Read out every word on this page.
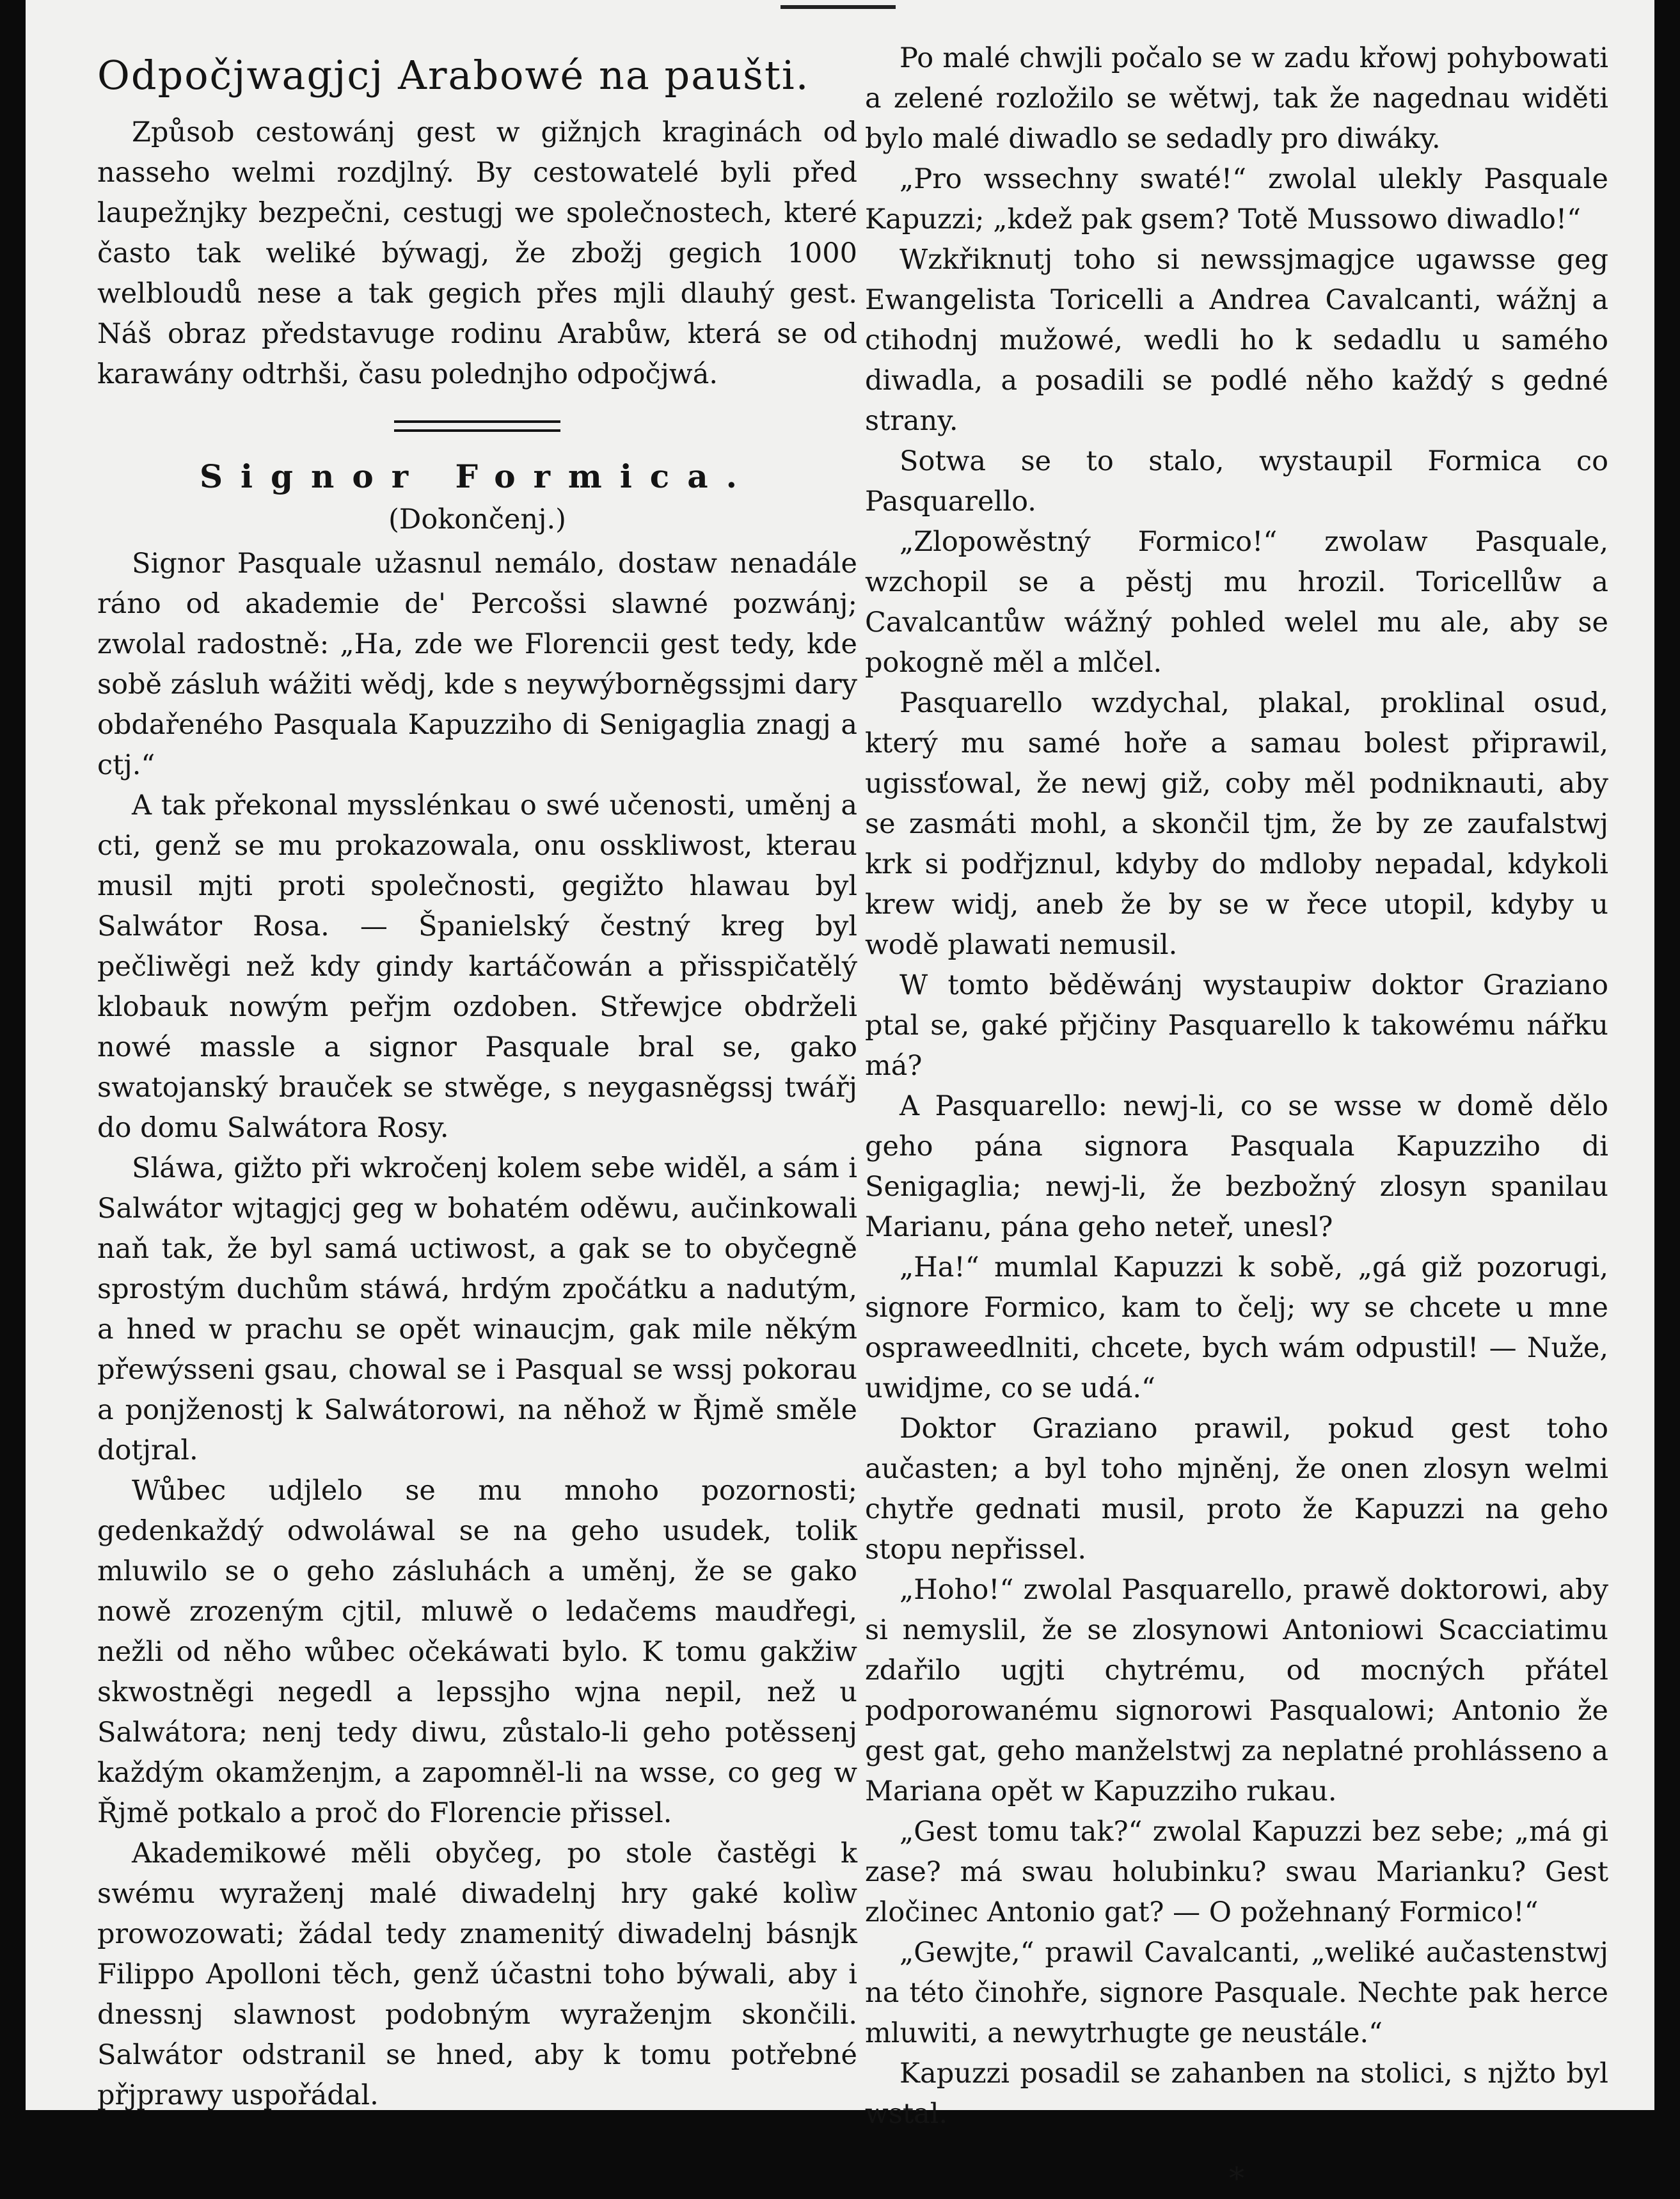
Odpočjwagjcj Arabowé na paušti.

Způsob cestowánj gest w gižnjch kraginách od nasseho welmi rozdjlný. By cestowatelé byli před laupežnjky bezpečni, cestugj we společnostech, které často tak weliké býwagj, že zbožj gegich 1000 welbloudů nese a tak gegich přes mjli dlauhý gest. Náš obraz představuge rodinu Arabůw, která se od karawány odtrhši, času polednjho odpočjwá.

Signor Formica.
(Dokončenj.)

Signor Pasquale užasnul nemálo, dostaw nenadále ráno od akademie de' Percošsi slawné pozwánj; zwolal radostně: „Ha, zde we Florencii gest tedy, kde sobě zásluh wážiti wědj, kde s neywýborněgssjmi dary obdařeného Pasquala Kapuzziho di Senigaglia znagj a ctj.“

A tak překonal mysslénkau o swé učenosti, uměnj a cti, genž se mu prokazowala, onu osskliwost, kterau musil mjti proti společnosti, gegižto hlawau byl Salwátor Rosa. — Španielský čestný kreg byl pečliwěgi než kdy gindy kartáčowán a přisspičatělý klobauk nowým peřjm ozdoben. Střewjce obdrželi nowé massle a signor Pasquale bral se, gako swatojanský brauček se stwěge, s neygasněgssj twářj do domu Salwátora Rosy.

Sláwa, gižto při wkročenj kolem sebe widěl, a sám i Salwátor wjtagjcj geg w bohatém oděwu, aučinkowali naň tak, že byl samá uctiwost, a gak se to obyčegně sprostým duchům stáwá, hrdým zpočátku a nadutým, a hned w prachu se opět winaucjm, gak mile někým přewýsseni gsau, chowal se i Pasqual se wssj pokorau a ponjženostj k Salwátorowi, na něhož w Řjmě směle dotjral.

Wůbec udjlelo se mu mnoho pozornosti; gedenkaždý odwoláwal se na geho usudek, tolik mluwilo se o geho zásluhách a uměnj, že se gako nowě zrozeným cjtil, mluwě o ledačems maudřegi, nežli od něho wůbec očekáwati bylo. K tomu gakžiw skwostněgi negedl a lepssjho wjna nepil, než u Salwátora; nenj tedy diwu, zůstalo-li geho potěssenj každým okamženjm, a zapomněl-li na wsse, co geg w Řjmě potkalo a proč do Florencie přissel.

Akademikowé měli obyčeg, po stole častěgi k swému wyraženj malé diwadelnj hry gaké kolìw prowozowati; žádal tedy znamenitý diwadelnj básnjk Filippo Apolloni těch, genž účastni toho býwali, aby i dnessnj slawnost podobným wyraženjm skončili. Salwátor odstranil se hned, aby k tomu potřebné přjprawy uspořádal.

Po malé chwjli počalo se w zadu křowj pohybowati a zelené rozložilo se wětwj, tak že nagednau widěti bylo malé diwadlo se sedadly pro diwáky.

„Pro wssechny swaté!“ zwolal ulekly Pasquale Kapuzzi; „kdež pak gsem? Totě Mussowo diwadlo!“

Wzkřiknutj toho si newssjmagjce ugawsse geg Ewangelista Toricelli a Andrea Cavalcanti, wážnj a ctihodnj mužowé, wedli ho k sedadlu u samého diwadla, a posadili se podlé něho každý s gedné strany.

Sotwa se to stalo, wystaupil Formica co Pasquarello.

„Zlopowěstný Formico!“ zwolaw Pasquale, wzchopil se a pěstj mu hrozil. Toricellůw a Cavalcantůw wážný pohled welel mu ale, aby se pokogně měl a mlčel.

Pasquarello wzdychal, plakal, proklinal osud, který mu samé hoře a samau bolest připrawil, ugissťowal, že newj giž, coby měl podniknauti, aby se zasmáti mohl, a skončil tjm, že by ze zaufalstwj krk si podřjznul, kdyby do mdloby nepadal, kdykoli krew widj, aneb že by se w řece utopil, kdyby u wodě plawati nemusil.

W tomto běděwánj wystaupiw doktor Graziano ptal se, gaké přjčiny Pasquarello k takowému nářku má?

A Pasquarello: newj-li, co se wsse w domě dělo geho pána signora Pasquala Kapuzziho di Senigaglia; newj-li, že bezbožný zlosyn spanilau Marianu, pána geho neteř, unesl?

„Ha!“ mumlal Kapuzzi k sobě, „gá giž pozorugi, signore Formico, kam to čelj; wy se chcete u mne ospraweedlniti, chcete, bych wám odpustil! — Nuže, uwidjme, co se udá.“

Doktor Graziano prawil, pokud gest toho aučasten; a byl toho mjněnj, že onen zlosyn welmi chytře gednati musil, proto že Kapuzzi na geho stopu nepřissel.

„Hoho!“ zwolal Pasquarello, prawě doktorowi, aby si nemyslil, že se zlosynowi Antoniowi Scacciatimu zdařilo ugjti chytrému, od mocných přátel podporowanému signorowi Pasqualowi; Antonio že gest gat, geho manželstwj za neplatné prohlásseno a Mariana opět w Kapuzziho rukau.

„Gest tomu tak?“ zwolal Kapuzzi bez sebe; „má gi zase? má swau holubinku? swau Marianku? Gest zločinec Antonio gat? — O požehnaný Formico!“

„Gewjte,“ prawil Cavalcanti, „weliké aučastenstwj na této činohře, signore Pasquale. Nechte pak herce mluwiti, a newytrhugte ge neustále.“

Kapuzzi posadil se zahanben na stolici, s njžto byl wstal.

*
